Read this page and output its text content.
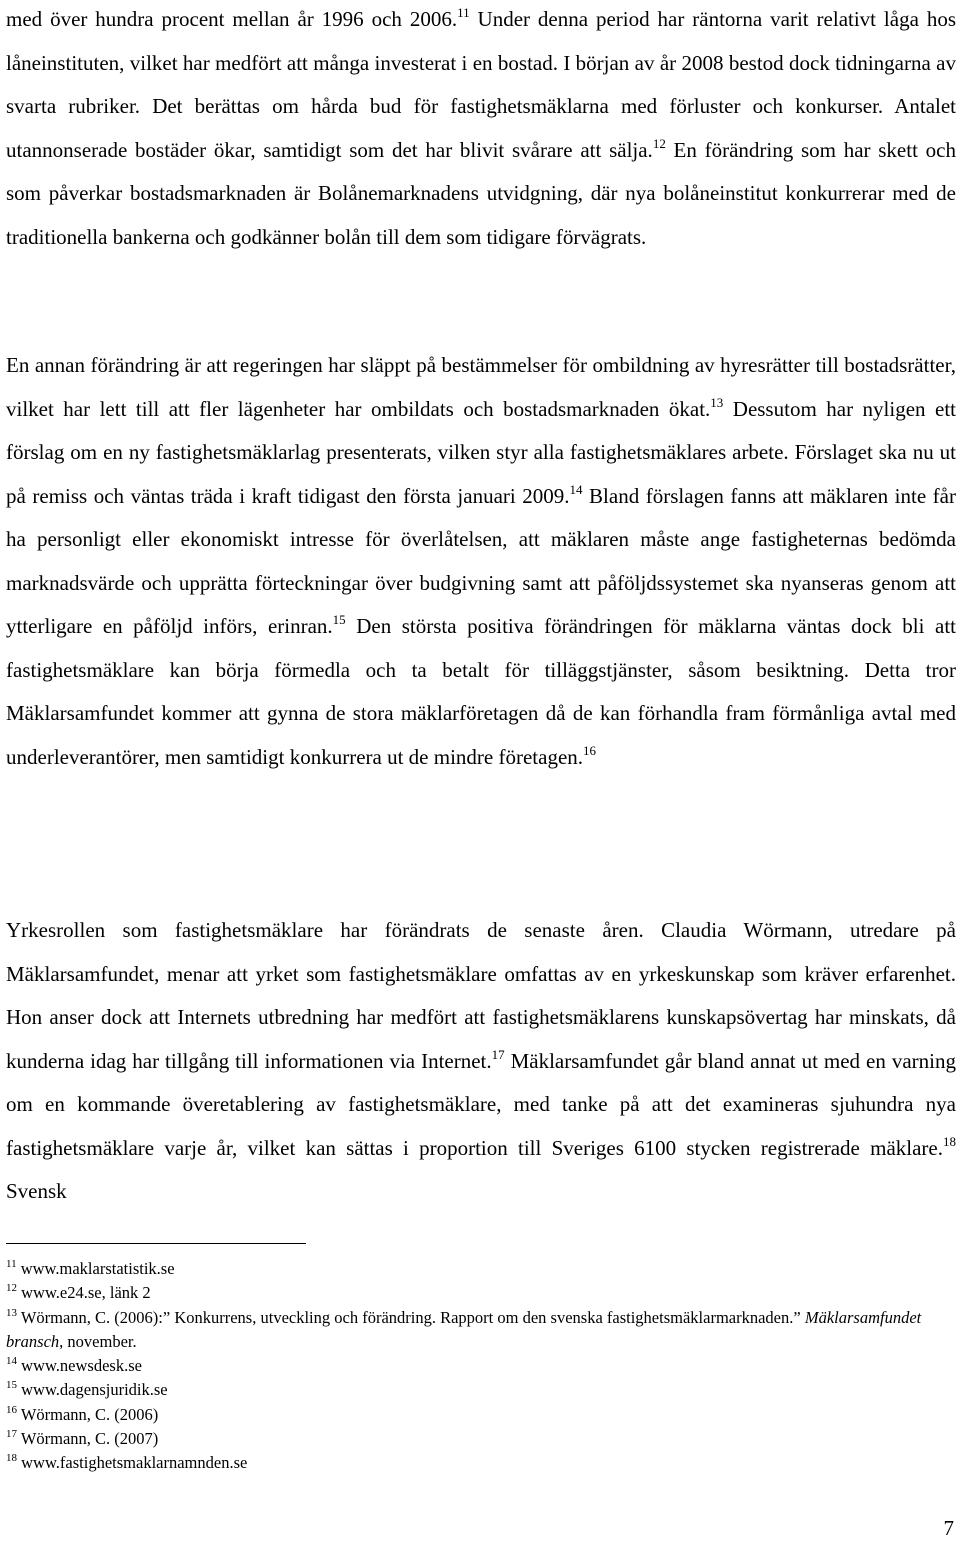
med över hundra procent mellan år 1996 och 2006.11 Under denna period har räntorna varit relativt låga hos låneinstituten, vilket har medfört att många investerat i en bostad. I början av år 2008 bestod dock tidningarna av svarta rubriker. Det berättas om hårda bud för fastighetsmäklarna med förluster och konkurser. Antalet utannonserade bostäder ökar, samtidigt som det har blivit svårare att sälja.$^{12}$ En förändring som har skett och som påverkar bostadsmarknaden är Bolånemarknadens utvidgning, där nya bolåneinstitut konkurrerar med de traditionella bankerna och godkänner bolån till dem som tidigare förvägrats.

En annan förändring är att regeringen har släppt på bestämmelser för ombildning av hyresrätter till bostadsrätter, vilket har lett till att fler lägenheter har ombildats och bostadsmarknaden ökat.$^{13}$ Dessutom har nyligen ett förslag om en ny fastighetsmäklarlag presenterats, vilken styr alla fastighetsmäklares arbete. Förslaget ska nu ut på remiss och väntas träda i kraft tidigast den första januari 2009.14 Bland förslagen fanns att mäklaren inte får ha personligt eller ekonomiskt intresse för överlåtelsen, att mäklaren måste ange fastigheternas bedömda marknadsvärde och upprätta förteckningar över budgivning samt att påföljdssystemet ska nyanseras genom att ytterligare en påföljd införs, erinran.$^{15}$ Den största positiva förändringen för mäklarna väntas dock bli att fastighetsmäklare kan börja förmedla och ta betalt för tilläggstjänster, såsom besiktning. Detta tror Mäklarsamfundet kommer att gynna de stora mäklarföretagen då de kan förhandla fram förmånliga avtal med underleverantörer, men samtidigt konkurrera ut de mindre företagen.$^{16}$

Yrkesrollen som fastighetsmäklare har förändrats de senaste åren. Claudia Wörmann, utredare på Mäklarsamfundet, menar att yrket som fastighetsmäklare omfattas av en yrkeskunskap som kräver erfarenhet. Hon anser dock att Internets utbredning har medfört att fastighetsmäklarens kunskapsövertag har minskats, då kunderna idag har tillgång till informationen via Internet.$^{17}$ Mäklarsamfundet går bland annat ut med en varning om en kommande överetablering av fastighetsmäklare, med tanke på att det examineras sjuhundra nya fastighetsmäklare varje år, vilket kan sättas i proportion till Sveriges 6100 stycken registrerade mäklare.$^{18}$ Svensk

$^{11}$ www.maklarstatistik.se
$^{12}$ www.e24.se, länk 2
$^{13}$ Wörmann, C. (2006):” Konkurrens, utveckling och förändring. Rapport om den svenska fastighetsmäklarmarknaden.” Mäklarsamfundet bransch, november.
$^{14}$ www.newsdesk.se
$^{15}$ www.dagensjuridik.se
$^{16}$ Wörmann, C. (2006)
$^{17}$ Wörmann, C. (2007)
$^{18}$ www.fastighetsmaklarnamnden.se
7
